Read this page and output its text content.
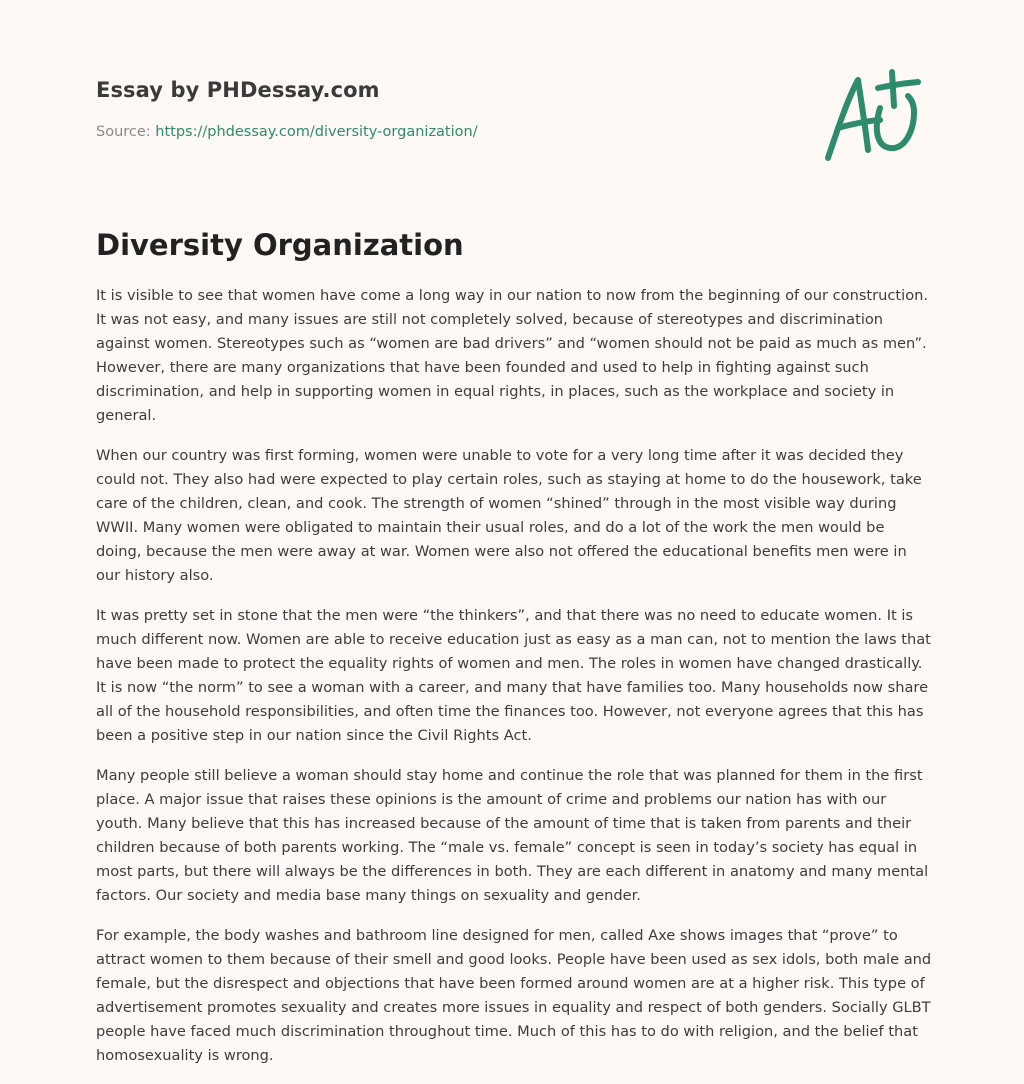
Essay by PHDessay.com
Source: https://phdessay.com/diversity-organization/
Diversity Organization

It is visible to see that women have come a long way in our nation to now from the beginning of our construction. It was not easy, and many issues are still not completely solved, because of stereotypes and discrimination against women. Stereotypes such as “women are bad drivers” and “women should not be paid as much as men”. However, there are many organizations that have been founded and used to help in fighting against such discrimination, and help in supporting women in equal rights, in places, such as the workplace and society in general.

When our country was first forming, women were unable to vote for a very long time after it was decided they could not. They also had were expected to play certain roles, such as staying at home to do the housework, take care of the children, clean, and cook. The strength of women “shined” through in the most visible way during WWII. Many women were obligated to maintain their usual roles, and do a lot of the work the men would be doing, because the men were away at war. Women were also not offered the educational benefits men were in our history also.

It was pretty set in stone that the men were “the thinkers”, and that there was no need to educate women. It is much different now. Women are able to receive education just as easy as a man can, not to mention the laws that have been made to protect the equality rights of women and men. The roles in women have changed drastically. It is now “the norm” to see a woman with a career, and many that have families too. Many households now share all of the household responsibilities, and often time the finances too. However, not everyone agrees that this has been a positive step in our nation since the Civil Rights Act.

Many people still believe a woman should stay home and continue the role that was planned for them in the first place. A major issue that raises these opinions is the amount of crime and problems our nation has with our youth. Many believe that this has increased because of the amount of time that is taken from parents and their children because of both parents working. The “male vs. female” concept is seen in today’s society has equal in most parts, but there will always be the differences in both. They are each different in anatomy and many mental factors. Our society and media base many things on sexuality and gender.

For example, the body washes and bathroom line designed for men, called Axe shows images that “prove” to attract women to them because of their smell and good looks. People have been used as sex idols, both male and female, but the disrespect and objections that have been formed around women are at a higher risk. This type of advertisement promotes sexuality and creates more issues in equality and respect of both genders. Socially GLBT people have faced much discrimination throughout time. Much of this has to do with religion, and the belief that homosexuality is wrong.
